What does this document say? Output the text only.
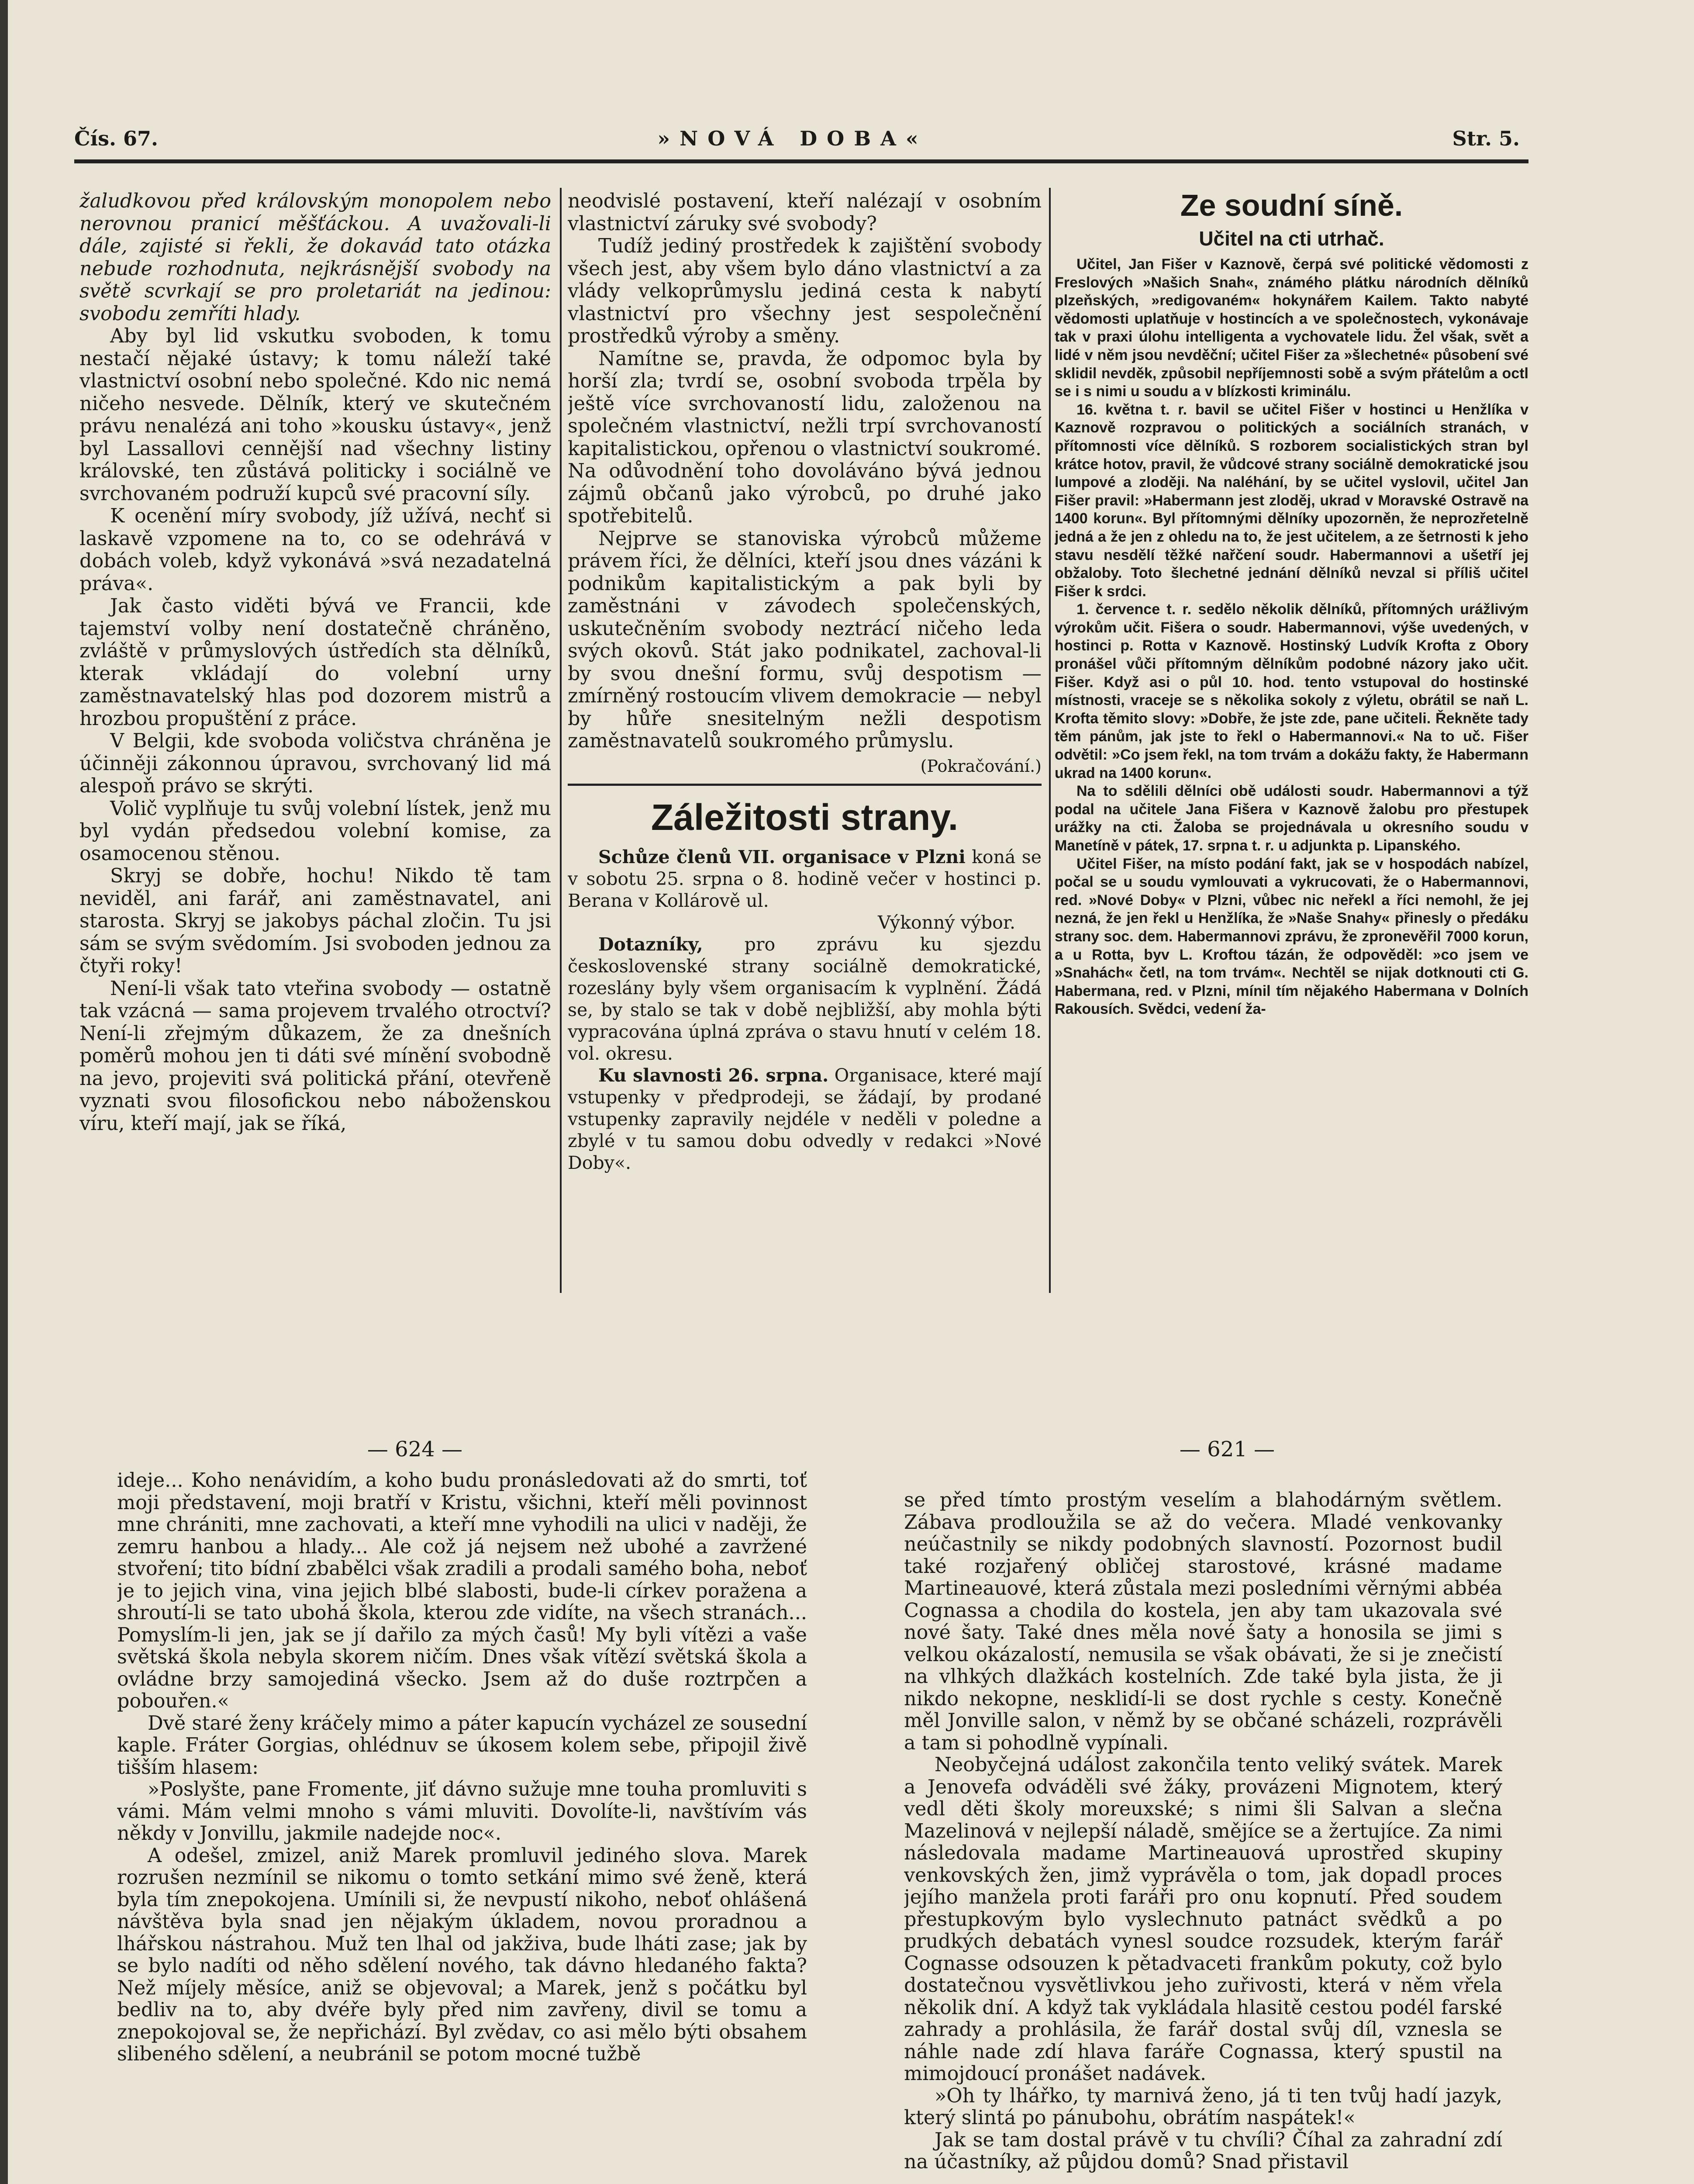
Čís. 67.	»NOVÁ DOBA«	Str. 5.

žaludkovou před královským monopolem nebo nerovnou pranicí měšťáckou. A uvažovali-li dále, zajisté si řekli, že dokavád tato otázka nebude rozhodnuta, nejkrásnější svobody na světě scvrkají se pro proletariát na jedinou: svobodu zemříti hlady.

Aby byl lid vskutku svoboden, k tomu nestačí nějaké ústavy; k tomu náleží také vlastnictví osobní nebo společné. Kdo nic nemá ničeho nesvede. Dělník, který ve skutečném právu nenalézá ani toho »kousku ústavy«, jenž byl Lassallovi cennější nad všechny listiny královské, ten zůstává politicky i sociálně ve svrchovaném podruží kupců své pracovní síly.

K ocenění míry svobody, jíž užívá, nechť si laskavě vzpomene na to, co se odehrává v dobách voleb, když vykonává »svá nezadatelná práva«.

Jak často viděti bývá ve Francii, kde tajemství volby není dostatečně chráněno, zvláště v průmyslových ústředích sta dělníků, kterak vkládají do volební urny zaměstnavatelský hlas pod dozorem mistrů a hrozbou propuštění z práce.

V Belgii, kde svoboda voličstva chráněna je účinněji zákonnou úpravou, svrchovaný lid má alespoň právo se skrýti.

Volič vyplňuje tu svůj volební lístek, jenž mu byl vydán předsedou volební komise, za osamocenou stěnou.

Skryj se dobře, hochu! Nikdo tě tam neviděl, ani farář, ani zaměstnavatel, ani starosta. Skryj se jakobys páchal zločin. Tu jsi sám se svým svědomím. Jsi svoboden jednou za čtyři roky!

Není-li však tato vteřina svobody — ostatně tak vzácná — sama projevem trvalého otroctví? Není-li zřejmým důkazem, že za dnešních poměrů mohou jen ti dáti své mínění svobodně na jevo, projeviti svá politická přání, otevřeně vyznati svou filosofickou nebo náboženskou víru, kteří mají, jak se říká,

neodvislé postavení, kteří nalézají v osobním vlastnictví záruky své svobody?

Tudíž jediný prostředek k zajištění svobody všech jest, aby všem bylo dáno vlastnictví a za vlády velkoprůmyslu jediná cesta k nabytí vlastnictví pro všechny jest sespolečnění prostředků výroby a směny.

Namítne se, pravda, že odpomoc byla by horší zla; tvrdí se, osobní svoboda trpěla by ještě více svrchovaností lidu, založenou na společném vlastnictví, nežli trpí svrchovaností kapitalistickou, opřenou o vlastnictví soukromé. Na odůvodnění toho dovoláváno bývá jednou zájmů občanů jako výrobců, po druhé jako spotřebitelů.

Nejprve se stanoviska výrobců můžeme právem říci, že dělníci, kteří jsou dnes vázáni k podnikům kapitalistickým a pak byli by zaměstnáni v závodech společenských, uskutečněním svobody neztrácí ničeho leda svých okovů. Stát jako podnikatel, zachoval-li by svou dnešní formu, svůj despotism — zmírněný rostoucím vlivem demokracie — nebyl by hůře snesitelným nežli despotism zaměstnavatelů soukromého průmyslu.

(Pokračování.)

Záležitosti strany.

Schůze členů VII. organisace v Plzni koná se v sobotu 25. srpna o 8. hodině večer v hostinci p. Berana v Kollárově ul.

Výkonný výbor.

Dotazníky, pro zprávu ku sjezdu československé strany sociálně demokratické, rozeslány byly všem organisacím k vyplnění. Žádá se, by stalo se tak v době nejbližší, aby mohla býti vypracována úplná zpráva o stavu hnutí v celém 18. vol. okresu.

Ku slavnosti 26. srpna. Organisace, které mají vstupenky v předprodeji, se žádají, by prodané vstupenky zapravily nejdéle v neděli v poledne a zbylé v tu samou dobu odvedly v redakci »Nové Doby«.

Ze soudní síně.

Učitel na cti utrhač.

Učitel, Jan Fišer v Kaznově, čerpá své politické vědomosti z Freslových »Našich Snah«, známého plátku národních dělníků plzeňských, »redigovaném« hokynářem Kailem. Takto nabyté vědomosti uplatňuje v hostincích a ve společnostech, vykonávaje tak v praxi úlohu intelligenta a vychovatele lidu. Žel však, svět a lidé v něm jsou nevděční; učitel Fišer za »šlechetné« působení své sklidil nevděk, způsobil nepříjemnosti sobě a svým přátelům a octl se i s nimi u soudu a v blízkosti kriminálu.

16. května t. r. bavil se učitel Fišer v hostinci u Henžlíka v Kaznově rozpravou o politických a sociálních stranách, v přítomnosti více dělníků. S rozborem socialistických stran byl krátce hotov, pravil, že vůdcové strany sociálně demokratické jsou lumpové a zloději. Na naléhání, by se učitel vyslovil, učitel Jan Fišer pravil: »Habermann jest zloděj, ukrad v Moravské Ostravě na 1400 korun«. Byl přítomnými dělníky upozorněn, že neprozřetelně jedná a že jen z ohledu na to, že jest učitelem, a ze šetrnosti k jeho stavu nesdělí těžké nařčení soudr. Habermannovi a ušetří jej obžaloby. Toto šlechetné jednání dělníků nevzal si příliš učitel Fišer k srdci.

1. července t. r. sedělo několik dělníků, přítomných urážlivým výrokům učit. Fišera o soudr. Habermannovi, výše uvedených, v hostinci p. Rotta v Kaznově. Hostinský Ludvík Krofta z Obory pronášel vůči přítomným dělníkům podobné názory jako učit. Fišer. Když asi o půl 10. hod. tento vstupoval do hostinské místnosti, vraceje se s několika sokoly z výletu, obrátil se naň L. Krofta těmito slovy: »Dobře, že jste zde, pane učiteli. Řekněte tady těm pánům, jak jste to řekl o Habermannovi.« Na to uč. Fišer odvětil: »Co jsem řekl, na tom trvám a dokážu fakty, že Habermann ukrad na 1400 korun«.

Na to sdělili dělníci obě události soudr. Habermannovi a týž podal na učitele Jana Fišera v Kaznově žalobu pro přestupek urážky na cti. Žaloba se projednávala u okresního soudu v Manetíně v pátek, 17. srpna t. r. u adjunkta p. Lipanského.

Učitel Fišer, na místo podání fakt, jak se v hospodách nabízel, počal se u soudu vymlouvati a vykrucovati, že o Habermannovi, red. »Nové Doby« v Plzni, vůbec nic neřekl a říci nemohl, že jej nezná, že jen řekl u Henžlíka, že »Naše Snahy« přinesly o předáku strany soc. dem. Habermannovi zprávu, že zpronevěřil 7000 korun, a u Rotta, byv L. Kroftou tázán, že odpověděl: »co jsem ve »Snahách« četl, na tom trvám«. Nechtěl se nijak dotknouti cti G. Habermana, red. v Plzni, mínil tím nějakého Habermana v Dolních Rakousích. Svědci, vedení ža-

— 624 —	— 621 —

ideje... Koho nenávidím, a koho budu pronásledovati až do smrti, toť moji představení, moji bratří v Kristu, všichni, kteří měli povinnost mne chrániti, mne zachovati, a kteří mne vyhodili na ulici v naději, že zemru hanbou a hlady... Ale což já nejsem než ubohé a zavržené stvoření; tito bídní zbabělci však zradili a prodali samého boha, neboť je to jejich vina, vina jejich blbé slabosti, bude-li církev poražena a shroutí-li se tato ubohá škola, kterou zde vidíte, na všech stranách... Pomyslím-li jen, jak se jí dařilo za mých časů! My byli vítězi a vaše světská škola nebyla skorem ničím. Dnes však vítězí světská škola a ovládne brzy samojediná všecko. Jsem až do duše roztrpčen a pobouřen.«

Dvě staré ženy kráčely mimo a páter kapucín vycházel ze sousední kaple. Fráter Gorgias, ohlédnuv se úkosem kolem sebe, připojil živě tišším hlasem:

»Poslyšte, pane Fromente, jiť dávno sužuje mne touha promluviti s vámi. Mám velmi mnoho s vámi mluviti. Dovolíte-li, navštívím vás někdy v Jonvillu, jakmile nadejde noc«.

A odešel, zmizel, aniž Marek promluvil jediného slova. Marek rozrušen nezmínil se nikomu o tomto setkání mimo své ženě, která byla tím znepokojena. Umínili si, že nevpustí nikoho, neboť ohlášená návštěva byla snad jen nějakým úkladem, novou proradnou a lhářskou nástrahou. Muž ten lhal od jakživa, bude lháti zase; jak by se bylo nadíti od něho sdělení nového, tak dávno hledaného fakta? Než míjely měsíce, aniž se objevoval; a Marek, jenž s počátku byl bedliv na to, aby dvéře byly před nim zavřeny, divil se tomu a znepokojoval se, že nepřichází. Byl zvědav, co asi mělo býti obsahem slibeného sdělení, a neubránil se potom mocné tužbě

se před tímto prostým veselím a blahodárným světlem. Zábava prodloužila se až do večera. Mladé venkovanky neúčastnily se nikdy podobných slavností. Pozornost budil také rozjařený obličej starostové, krásné madame Martineauové, která zůstala mezi posledními věrnými abbéa Cognassa a chodila do kostela, jen aby tam ukazovala své nové šaty. Také dnes měla nové šaty a honosila se jimi s velkou okázalostí, nemusila se však obávati, že si je znečistí na vlhkých dlažkách kostelních. Zde také byla jista, že ji nikdo nekopne, nesklidí-li se dost rychle s cesty. Konečně měl Jonville salon, v němž by se občané scházeli, rozprávěli a tam si pohodlně vypínali.

Neobyčejná událost zakončila tento veliký svátek. Marek a Jenovefa odváděli své žáky, provázeni Mignotem, který vedl děti školy moreuxské; s nimi šli Salvan a slečna Mazelinová v nejlepší náladě, smějíce se a žertujíce. Za nimi následovala madame Martineauová uprostřed skupiny venkovských žen, jimž vyprávěla o tom, jak dopadl proces jejího manžela proti faráři pro onu kopnutí. Před soudem přestupkovým bylo vyslechnuto patnáct svědků a po prudkých debatách vynesl soudce rozsudek, kterým farář Cognasse odsouzen k pětadvaceti frankům pokuty, což bylo dostatečnou vysvětlivkou jeho zuřivosti, která v něm vřela několik dní. A když tak vykládala hlasitě cestou podél farské zahrady a prohlásila, že farář dostal svůj díl, vznesla se náhle nade zdí hlava faráře Cognassa, který spustil na mimojdoucí pronášet nadávek.

»Oh ty lhářko, ty marnivá ženo, já ti ten tvůj hadí jazyk, který slintá po pánubohu, obrátím naspátek!«

Jak se tam dostal právě v tu chvíli? Číhal za zahradní zdí na účastníky, až půjdou domů? Snad přistavil
